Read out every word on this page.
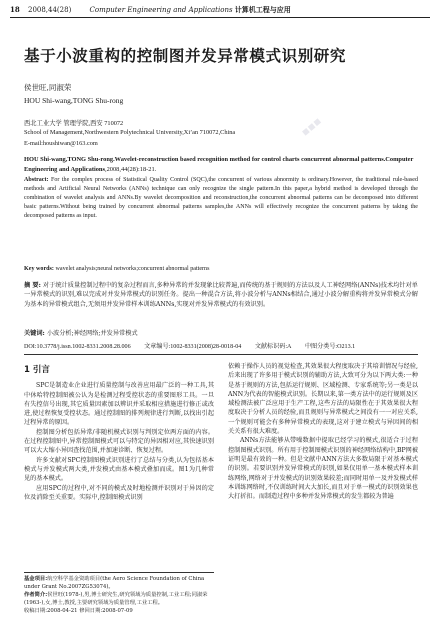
▪▪▪
18 2008,44(28)	Computer Engineering and Applications 计算机工程与应用
基于小波重构的控制图并发异常模式识别研究
侯世旺,同淑荣
HOU Shi-wang,TONG Shu-rong
西北工业大学 管理学院,西安 710072
School of Management,Northwestern Polytechnical University,Xi’an 710072,China
E-mail:houshiwan@163.com
HOU Shi-wang,TONG Shu-rong.Wavelet-reconstruction based recognition method for control charts concurrent abnormal patterns.Computer Engineering and Applications,2008,44(28):18-21.
Abstract: For the complex process of Statistical Quality Control (SQC),the concurrent of various abnormity is ordinary.However, the traditional rule-based methods and Artificial Neural Networks (ANNs) technique can only recognize the single pattern.In this paper,a hybrid method is developed through the combination of wavelet analysis and ANNs.By wavelet decomposition and reconstruction,the concurrent abnormal patterns can be decomposed into different basic patterns.Without being trained by concurrent abnormal patterns samples,the ANNs will effectively recognize the concurrent patterns by taking the decomposed patterns as input.
Key words: wavelet analysis;neural networks;concurrent abnormal patterns
摘 要: 对于统计质量控制过程中的复杂过程而言,多种异常的并发现象比较普遍,而传统的基于规则的方法以及人工神经网络(ANNs)技术均针对单一异常模式的识别,难以完成对并发异常模式的识别任务。提出一种混合方法,将小波分析与ANNs相结合,通过小波分解重构将并发异常模式分解为基本的异常模式组合,无须用并发异常样本训练ANNs,实现对并发异常模式的有效识别。
关键词: 小波分析;神经网络;并发异常模式
DOI:10.3778/j.issn.1002-8331.2008.28.006 文章编号:1002-8331(2008)28-0018-04 文献标识码:A 中图分类号:O213.1
1 引言

SPC是制造业企业进行质量控制与改善应用最广泛的一种工具,其中休哈特控制图被公认为是检测过程受控状态的重要图形工具。一旦有失控信号出现,其它质量因素加以辨识并采取相应措施进行修正或改进,使过程恢复受控状态。通过控制图的排列规律进行判断,以找出引起过程异常的原因。

控制图分析包括异常/非随机模式识别与判别定位两方面的内容。在过程控制图中,异常控制图模式可以与特定的异因相对应,其快速识别可以大大缩小异因查找范围,并加速诊断、恢复过程。

许多文献对SPC控制图模式识别进行了总结与分类,认为包括基本模式与并发模式两大类,并发模式由基本模式叠加而成。图1为几种常见的基本模式。

应用SPC的过程中,对不同的模式及时地检测并识别对于异因的定位及消除至关重要。实际中,控制图模式识别

依赖于操作人员的视觉检查,其效果很大程度取决于其培训情况与经验,后来出现了许多用于模式识别的辅助方法,大致可分为以下两大类:一种是基于规则的方法,包括运行规则、区域检测、专家系统等;另一类是以ANN为代表的智能模式识别。长期以来,第一类方法中的运行规则及区域检测法被广泛应用于生产工程,这些方法的局限性在于其效果很大程度取决于分析人员的经验,而且规则与异常模式之间没有一一对应关系,一个规则可能会有多种异常模式的表现,这对于建立模式与异因间的相关关系有很大难度。

ANNs方法能够从带噪数据中提取已经学习的模式,很适合于过程控制图模式识别。所有用于控制图模式识别的神经网络结构中,BP网被证明是最有效的一种。但是文献中ANN方法大多数局限于对基本模式的识别。若要识别并发异常模式的识别,如果仅用单一基本模式样本训练网络,网络对于并发模式的识别效果较差;而同时用单一及并发模式样本训练网络时,不仅训练时间大大加长,而且对于单一模式的识别效果也大打折扣。而制造过程中多种并发异常模式的发生都较为普遍

基金项目:航空科学基金资助项目(the Aero Science Foundation of China under Grant No.2007ZG53074)。
作者简介:侯世旺(1978-),男,博士研究生,研究领域为质量控制,工业工程;同淑荣(1963-),女,博士,教授,主要研究领域为质量管理,工业工程。
收稿日期:2008-04-21 修回日期:2008-07-09
